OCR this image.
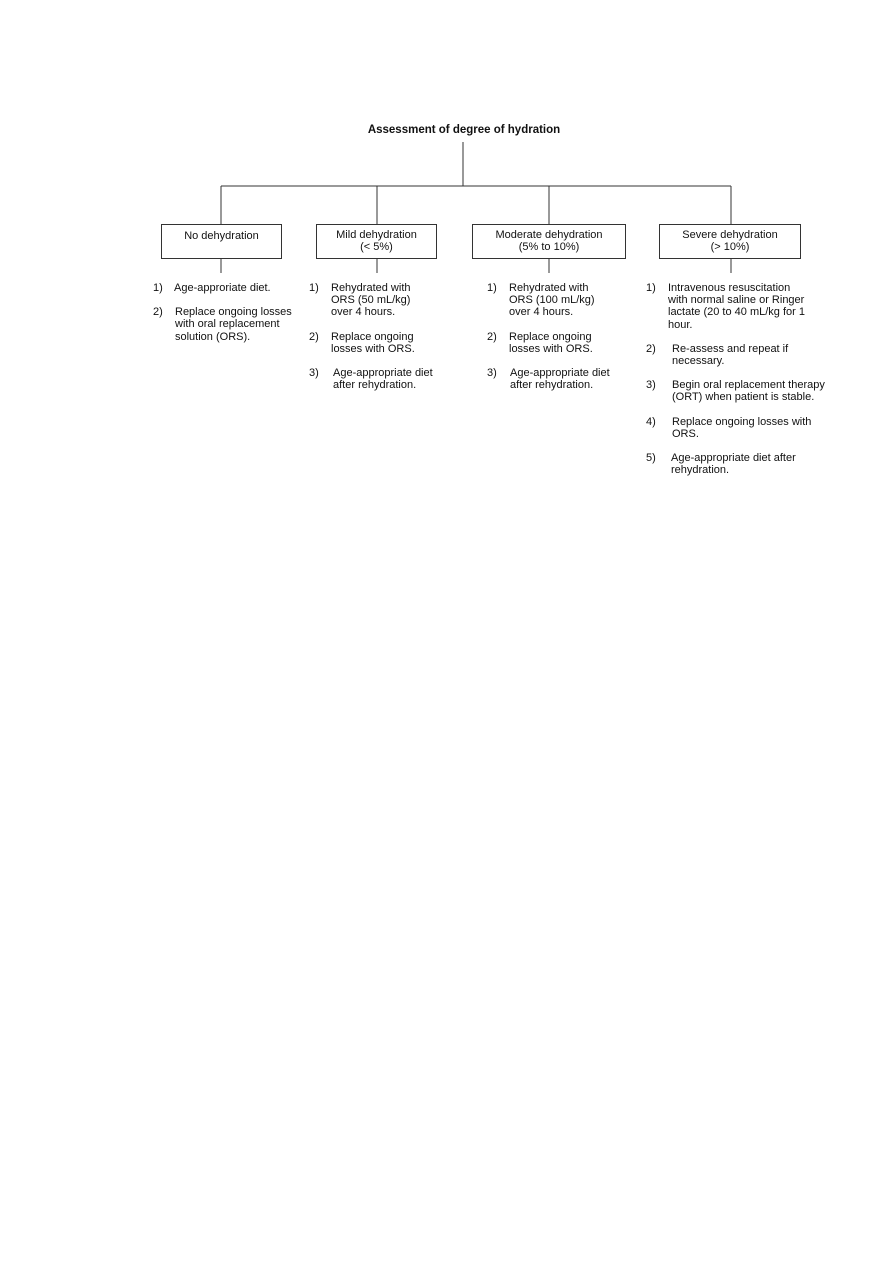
Assessment of degree of hydration
No dehydration
1) Age-approriate diet.
2) Replace ongoing losses with oral replacement solution (ORS).
Mild dehydration
(< 5%)
1) Rehydrated with ORS (50 mL/kg) over 4 hours.
2) Replace ongoing losses with ORS.
3) Age-appropriate diet after rehydration.
Moderate dehydration
(5% to 10%)
1) Rehydrated with ORS (100 mL/kg) over 4 hours.
2) Replace ongoing losses with ORS.
3) Age-appropriate diet after rehydration.
Severe dehydration
(> 10%)
1) Intravenous resuscitation with normal saline or Ringer lactate (20 to 40 mL/kg for 1 hour.
2) Re-assess and repeat if necessary.
3) Begin oral replacement therapy (ORT) when patient is stable.
4) Replace ongoing losses with ORS.
5) Age-appropriate diet after rehydration.
